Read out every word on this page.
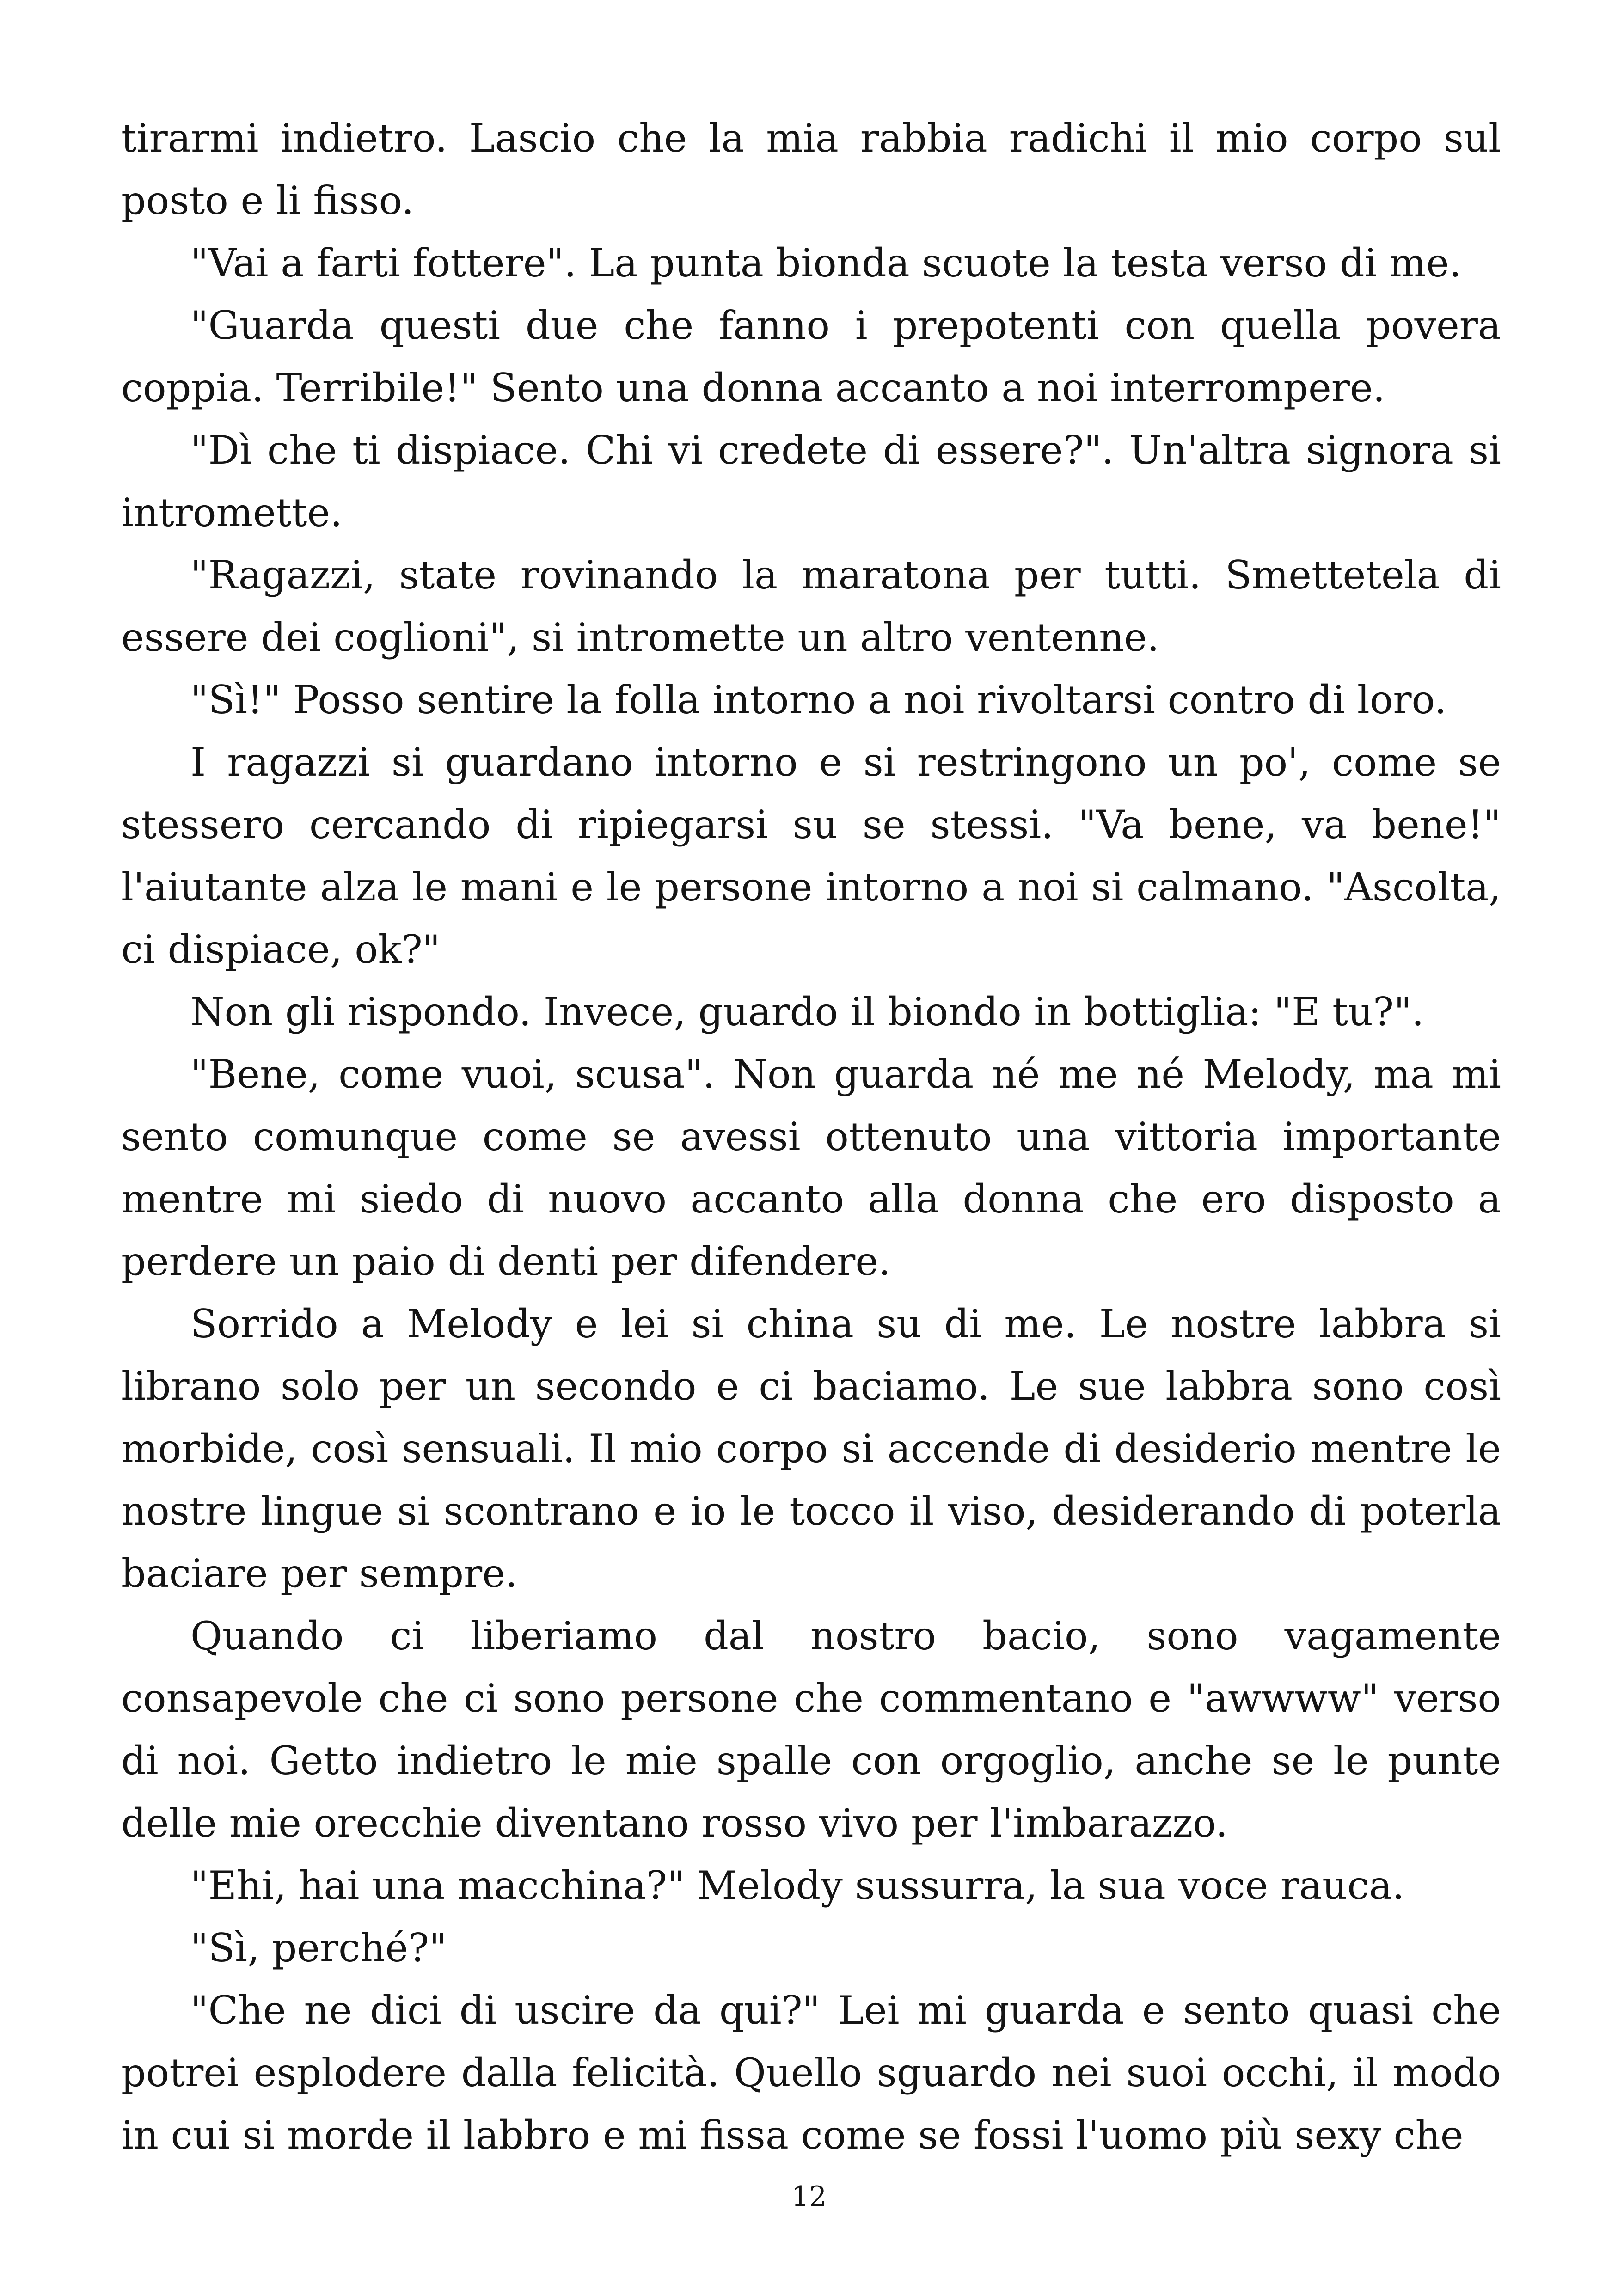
tirarmi indietro. Lascio che la mia rabbia radichi il mio corpo sul posto e li fisso.

"Vai a farti fottere". La punta bionda scuote la testa verso di me.

"Guarda questi due che fanno i prepotenti con quella povera coppia. Terribile!" Sento una donna accanto a noi interrompere.

"Dì che ti dispiace. Chi vi credete di essere?". Un'altra signora si intromette.

"Ragazzi, state rovinando la maratona per tutti. Smettetela di essere dei coglioni", si intromette un altro ventenne.

"Sì!" Posso sentire la folla intorno a noi rivoltarsi contro di loro.

I ragazzi si guardano intorno e si restringono un po', come se stessero cercando di ripiegarsi su se stessi. "Va bene, va bene!" l'aiutante alza le mani e le persone intorno a noi si calmano. "Ascolta, ci dispiace, ok?"

Non gli rispondo. Invece, guardo il biondo in bottiglia: "E tu?".

"Bene, come vuoi, scusa". Non guarda né me né Melody, ma mi sento comunque come se avessi ottenuto una vittoria importante mentre mi siedo di nuovo accanto alla donna che ero disposto a perdere un paio di denti per difendere.

Sorrido a Melody e lei si china su di me. Le nostre labbra si librano solo per un secondo e ci baciamo. Le sue labbra sono così morbide, così sensuali. Il mio corpo si accende di desiderio mentre le nostre lingue si scontrano e io le tocco il viso, desiderando di poterla baciare per sempre.

Quando ci liberiamo dal nostro bacio, sono vagamente consapevole che ci sono persone che commentano e "awwww" verso di noi. Getto indietro le mie spalle con orgoglio, anche se le punte delle mie orecchie diventano rosso vivo per l'imbarazzo.

"Ehi, hai una macchina?" Melody sussurra, la sua voce rauca.

"Sì, perché?"

"Che ne dici di uscire da qui?" Lei mi guarda e sento quasi che potrei esplodere dalla felicità. Quello sguardo nei suoi occhi, il modo in cui si morde il labbro e mi fissa come se fossi l'uomo più sexy che

12
